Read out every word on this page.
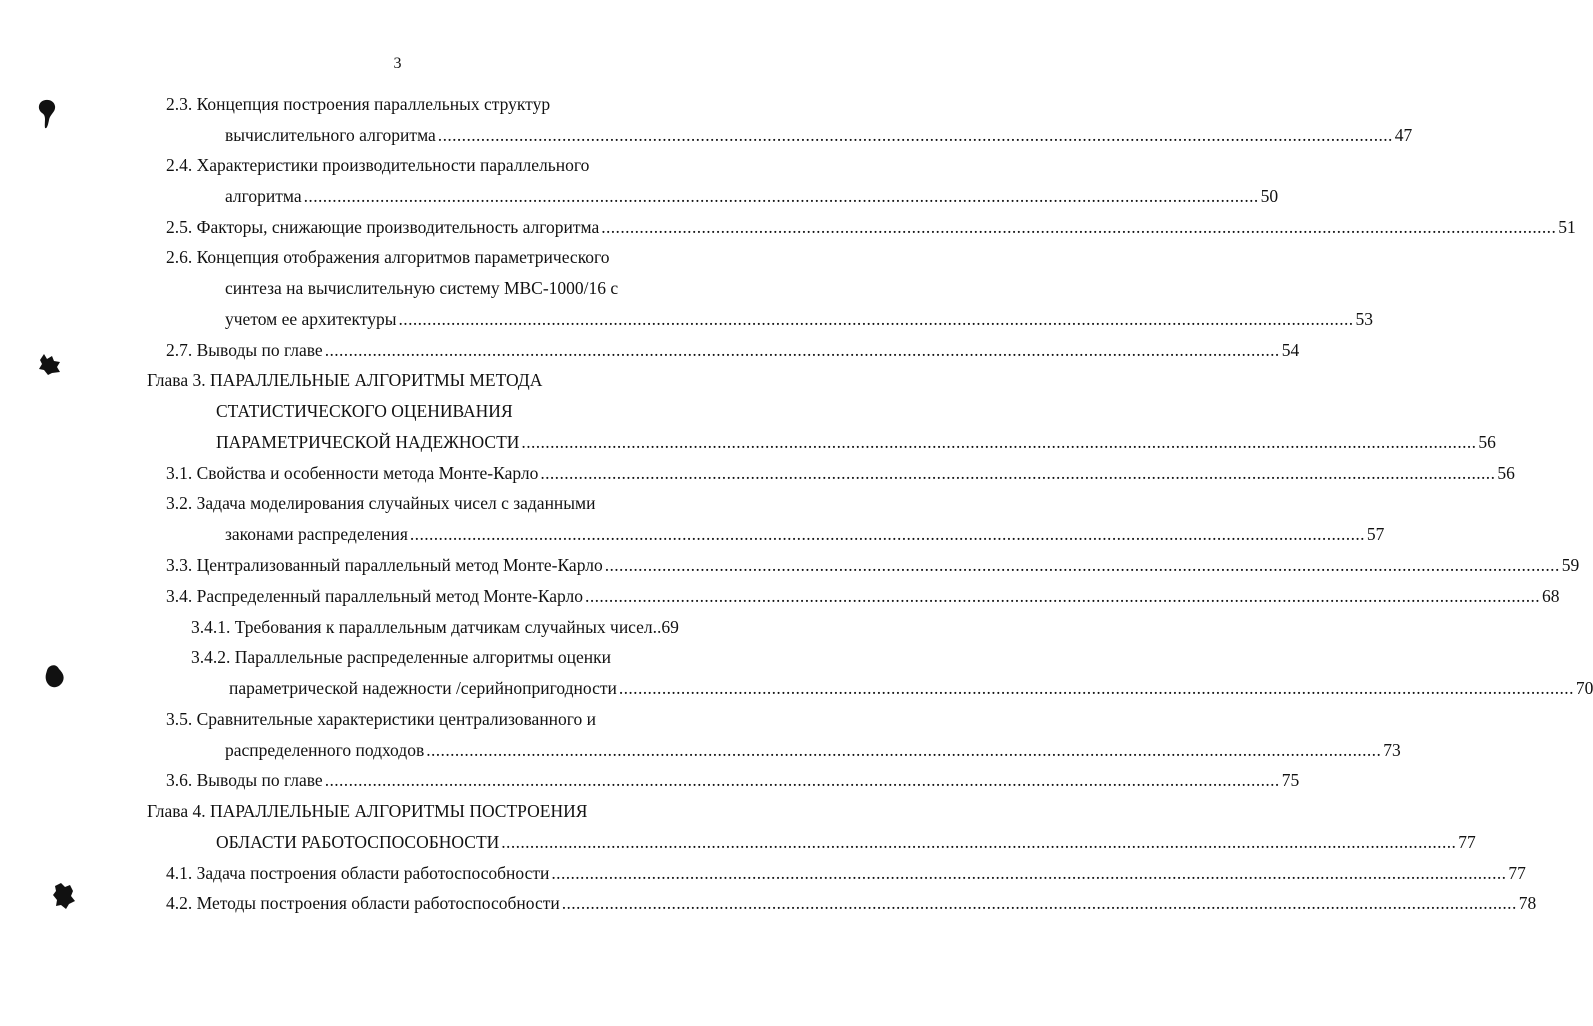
3
2.3. Концепция построения параллельных структур
вычислительного алгоритма ........................................................................................................................................................................................................ 47
2.4. Характеристики производительности параллельного
алгоритма ........................................................................................................................................................................................................ 50
2.5. Факторы, снижающие производительность алгоритма ........................................................................................................................................................................................................ 51
2.6. Концепция отображения алгоритмов параметрического
синтеза на вычислительную систему МВС-1000/16 с
учетом ее архитектуры ........................................................................................................................................................................................................ 53
2.7. Выводы по главе ........................................................................................................................................................................................................ 54
Глава 3. ПАРАЛЛЕЛЬНЫЕ АЛГОРИТМЫ МЕТОДА
СТАТИСТИЧЕСКОГО ОЦЕНИВАНИЯ
ПАРАМЕТРИЧЕСКОЙ НАДЕЖНОСТИ ........................................................................................................................................................................................................ 56
3.1. Свойства и особенности метода Монте-Карло ........................................................................................................................................................................................................ 56
3.2. Задача моделирования случайных чисел с заданными
законами распределения ........................................................................................................................................................................................................ 57
3.3. Централизованный параллельный метод Монте-Карло ........................................................................................................................................................................................................ 59
3.4. Распределенный параллельный метод Монте-Карло ........................................................................................................................................................................................................ 68
3.4.1. Требования к параллельным датчикам случайных чисел..69
3.4.2. Параллельные распределенные алгоритмы оценки
параметрической надежности /серийнопригодности ........................................................................................................................................................................................................ 70
3.5. Сравнительные характеристики централизованного и
распределенного подходов ........................................................................................................................................................................................................ 73
3.6. Выводы по главе ........................................................................................................................................................................................................ 75
Глава 4. ПАРАЛЛЕЛЬНЫЕ АЛГОРИТМЫ ПОСТРОЕНИЯ
ОБЛАСТИ РАБОТОСПОСОБНОСТИ ........................................................................................................................................................................................................ 77
4.1. Задача построения области работоспособности ........................................................................................................................................................................................................ 77
4.2. Методы построения области работоспособности ........................................................................................................................................................................................................ 78
